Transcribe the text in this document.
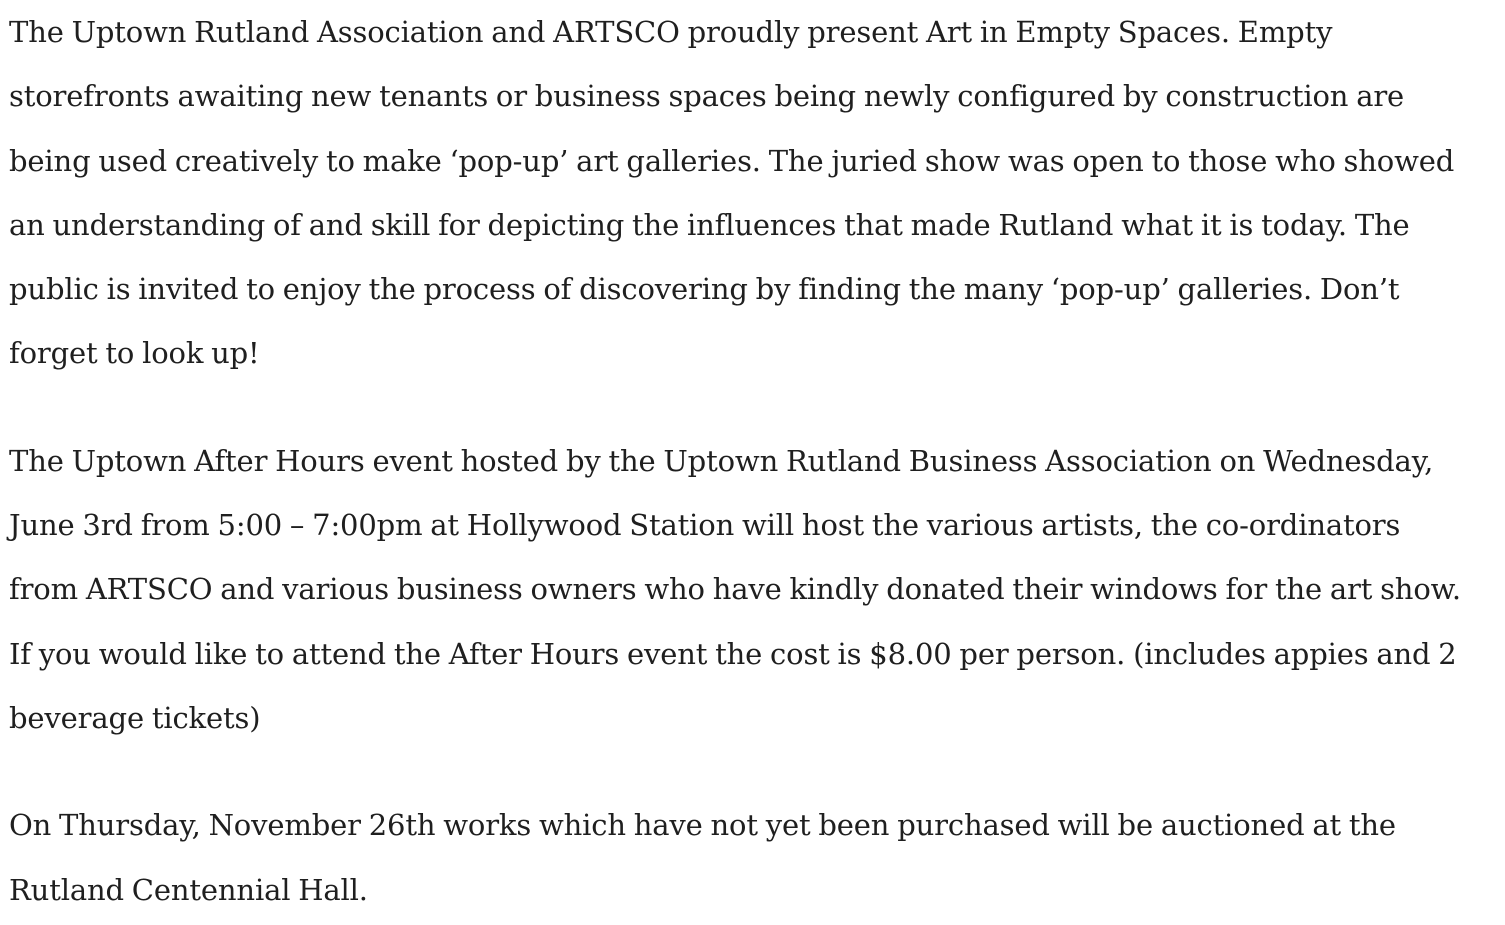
The Uptown Rutland Association and ARTSCO proudly present Art in Empty Spaces. Empty
storefronts awaiting new tenants or business spaces being newly configured by construction are
being used creatively to make ‘pop-up’ art galleries. The juried show was open to those who showed
an understanding of and skill for depicting the influences that made Rutland what it is today. The
public is invited to enjoy the process of discovering by finding the many ‘pop-up’ galleries. Don’t
forget to look up!

The Uptown After Hours event hosted by the Uptown Rutland Business Association on Wednesday,
June 3rd from 5:00 – 7:00pm at Hollywood Station will host the various artists, the co-ordinators
from ARTSCO and various business owners who have kindly donated their windows for the art show.
If you would like to attend the After Hours event the cost is $8.00 per person. (includes appies and 2
beverage tickets)

On Thursday, November 26th works which have not yet been purchased will be auctioned at the
Rutland Centennial Hall.
